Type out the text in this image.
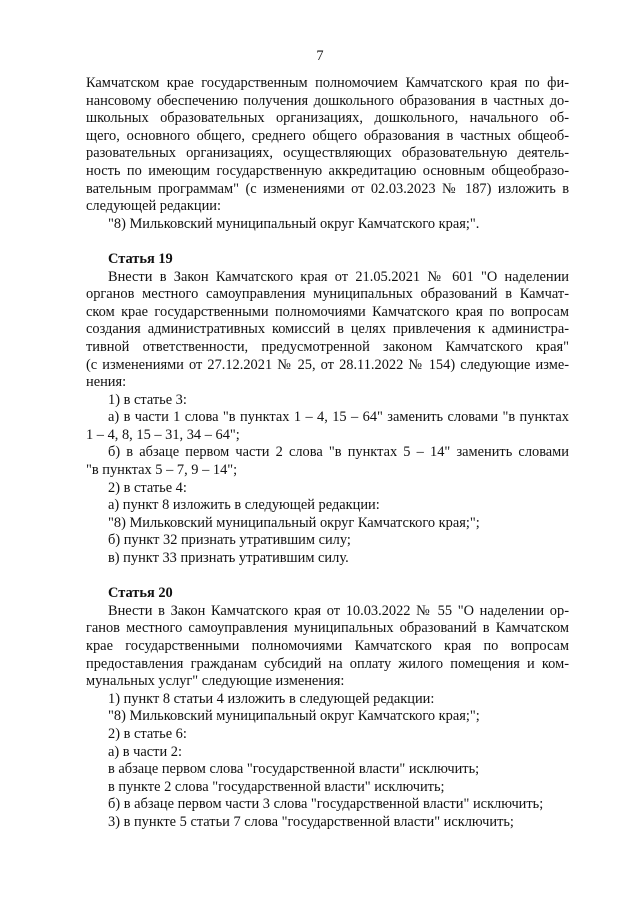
7

Камчатском крае государственным полномочием Камчатского края по фи-

нансовому обеспечению получения дошкольного образования в частных до-

школьных образовательных организациях, дошкольного, начального об-

щего, основного общего, среднего общего образования в частных общеоб-

разовательных организациях, осуществляющих образовательную деятель-

ность по имеющим государственную аккредитацию основным общеобразо-

вательным программам" (с изменениями от 02.03.2023 № 187) изложить в

следующей редакции:

"8) Мильковский муниципальный округ Камчатского края;".

Статья 19

Внести в Закон Камчатского края от 21.05.2021 № 601 "О наделении

органов местного самоуправления муниципальных образований в Камчат-

ском крае государственными полномочиями Камчатского края по вопросам

создания административных комиссий в целях привлечения к администра-

тивной ответственности, предусмотренной законом Камчатского края"

(с изменениями от 27.12.2021 № 25, от 28.11.2022 № 154) следующие изме-

нения:

1) в статье 3:

а) в части 1 слова "в пунктах 1 – 4, 15 – 64" заменить словами "в пунктах

1 – 4, 8, 15 – 31, 34 – 64";

б) в абзаце первом части 2 слова "в пунктах 5 – 14" заменить словами

"в пунктах 5 – 7, 9 – 14";

2) в статье 4:

а) пункт 8 изложить в следующей редакции:

"8) Мильковский муниципальный округ Камчатского края;";

б) пункт 32 признать утратившим силу;

в) пункт 33 признать утратившим силу.

Статья 20

Внести в Закон Камчатского края от 10.03.2022 № 55 "О наделении ор-

ганов местного самоуправления муниципальных образований в Камчатском

крае государственными полномочиями Камчатского края по вопросам

предоставления гражданам субсидий на оплату жилого помещения и ком-

мунальных услуг" следующие изменения:

1) пункт 8 статьи 4 изложить в следующей редакции:

"8) Мильковский муниципальный округ Камчатского края;";

2) в статье 6:

а) в части 2:

в абзаце первом слова "государственной власти" исключить;

в пункте 2 слова "государственной власти" исключить;

б) в абзаце первом части 3 слова "государственной власти" исключить;

3) в пункте 5 статьи 7 слова "государственной власти" исключить;
